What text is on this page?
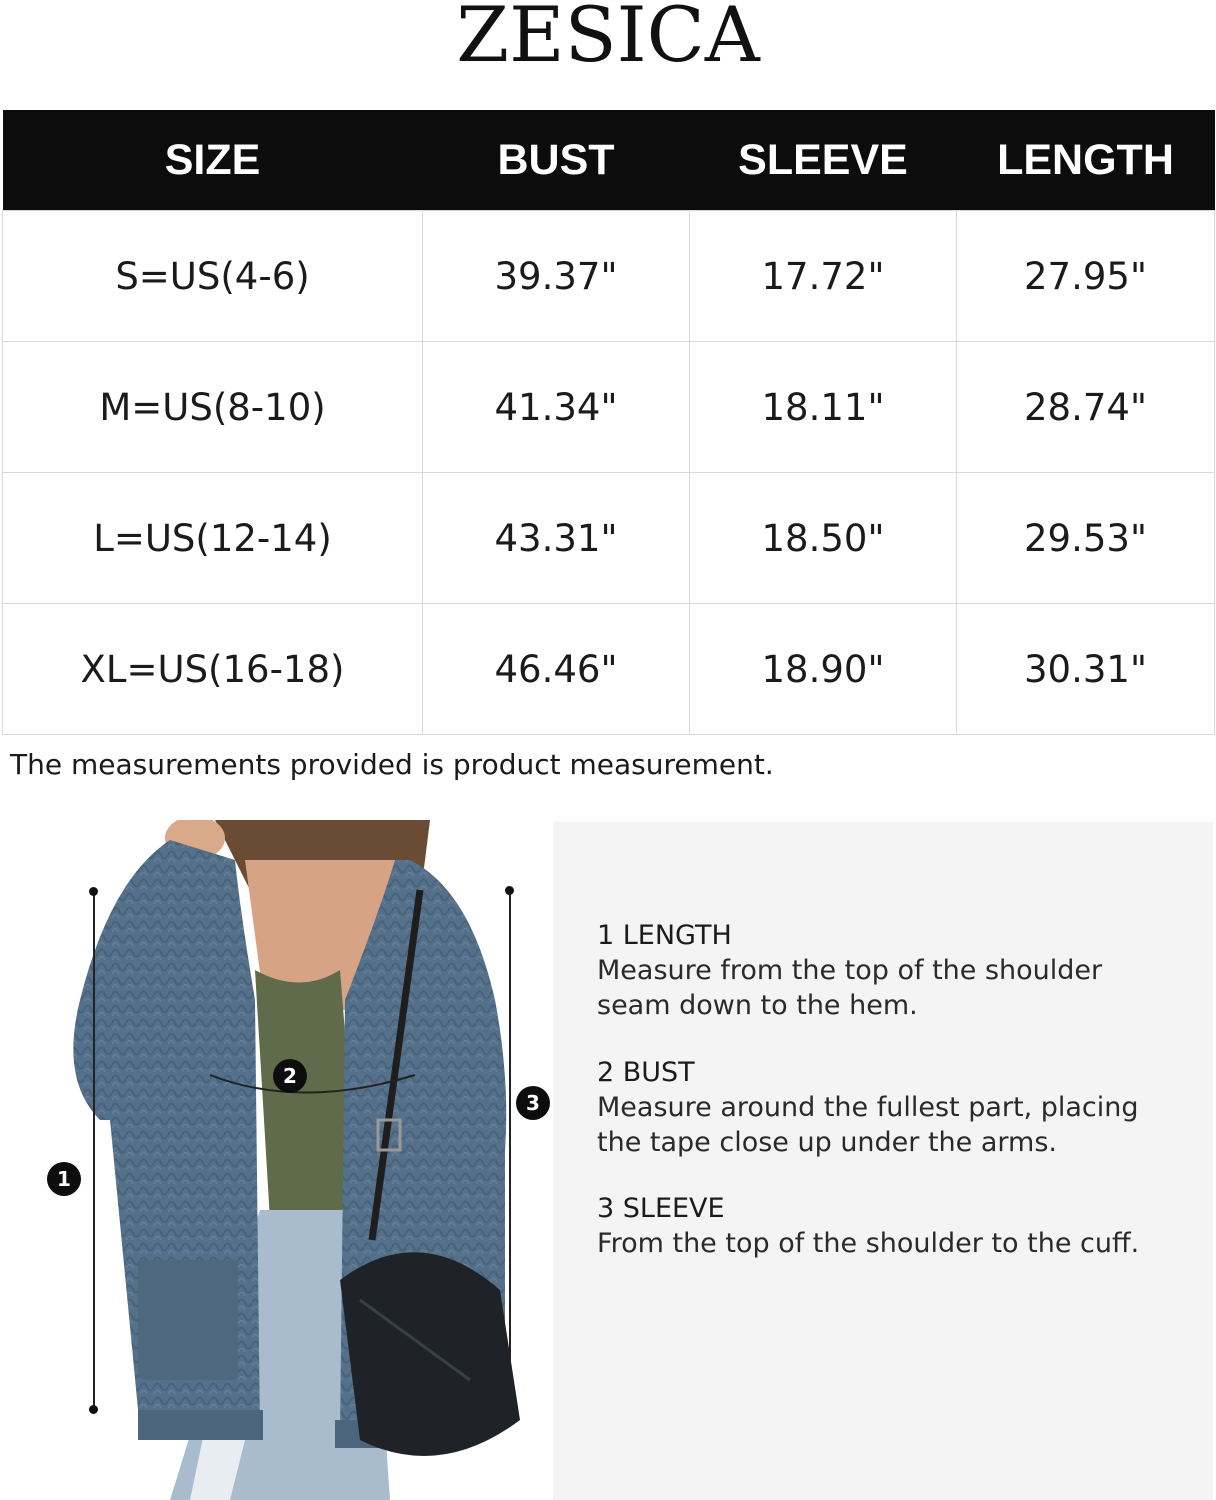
ZESICA
SIZE	BUST	SLEEVE	LENGTH
S=US(4-6)	39.37"	17.72"	27.95"
M=US(8-10)	41.34"	18.11"	28.74"
L=US(12-14)	43.31"	18.50"	29.53"
XL=US(16-18)	46.46"	18.90"	30.31"
The measurements provided is product measurement.
1
2
3
1 LENGTH
Measure from the top of the shoulder
seam down to the hem.
2 BUST
Measure around the fullest part, placing
the tape close up under the arms.
3 SLEEVE
From the top of the shoulder to the cuff.
